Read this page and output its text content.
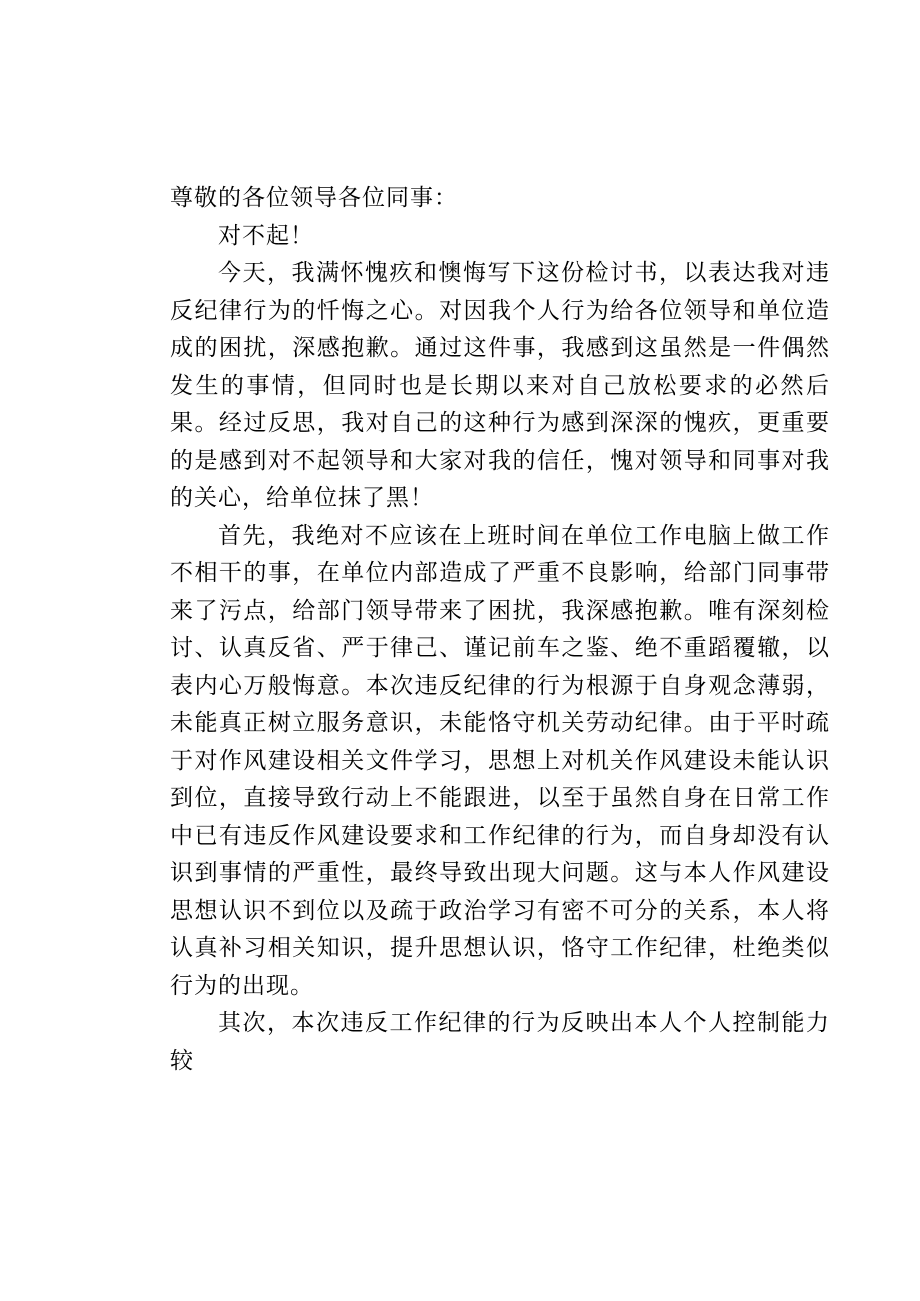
尊敬的各位领导各位同事：

对不起！

今天，我满怀愧疚和懊悔写下这份检讨书，以表达我对违反纪律行为的忏悔之心。对因我个人行为给各位领导和单位造成的困扰，深感抱歉。通过这件事，我感到这虽然是一件偶然发生的事情，但同时也是长期以来对自己放松要求的必然后果。经过反思，我对自己的这种行为感到深深的愧疚，更重要的是感到对不起领导和大家对我的信任，愧对领导和同事对我的关心，给单位抹了黑！

首先，我绝对不应该在上班时间在单位工作电脑上做工作不相干的事，在单位内部造成了严重不良影响，给部门同事带来了污点，给部门领导带来了困扰，我深感抱歉。唯有深刻检讨、认真反省、严于律己、谨记前车之鉴、绝不重蹈覆辙，以表内心万般悔意。本次违反纪律的行为根源于自身观念薄弱，未能真正树立服务意识，未能恪守机关劳动纪律。由于平时疏于对作风建设相关文件学习，思想上对机关作风建设未能认识到位，直接导致行动上不能跟进，以至于虽然自身在日常工作中已有违反作风建设要求和工作纪律的行为，而自身却没有认识到事情的严重性，最终导致出现大问题。这与本人作风建设思想认识不到位以及疏于政治学习有密不可分的关系，本人将认真补习相关知识，提升思想认识，恪守工作纪律，杜绝类似行为的出现。

其次，本次违反工作纪律的行为反映出本人个人控制能力较
